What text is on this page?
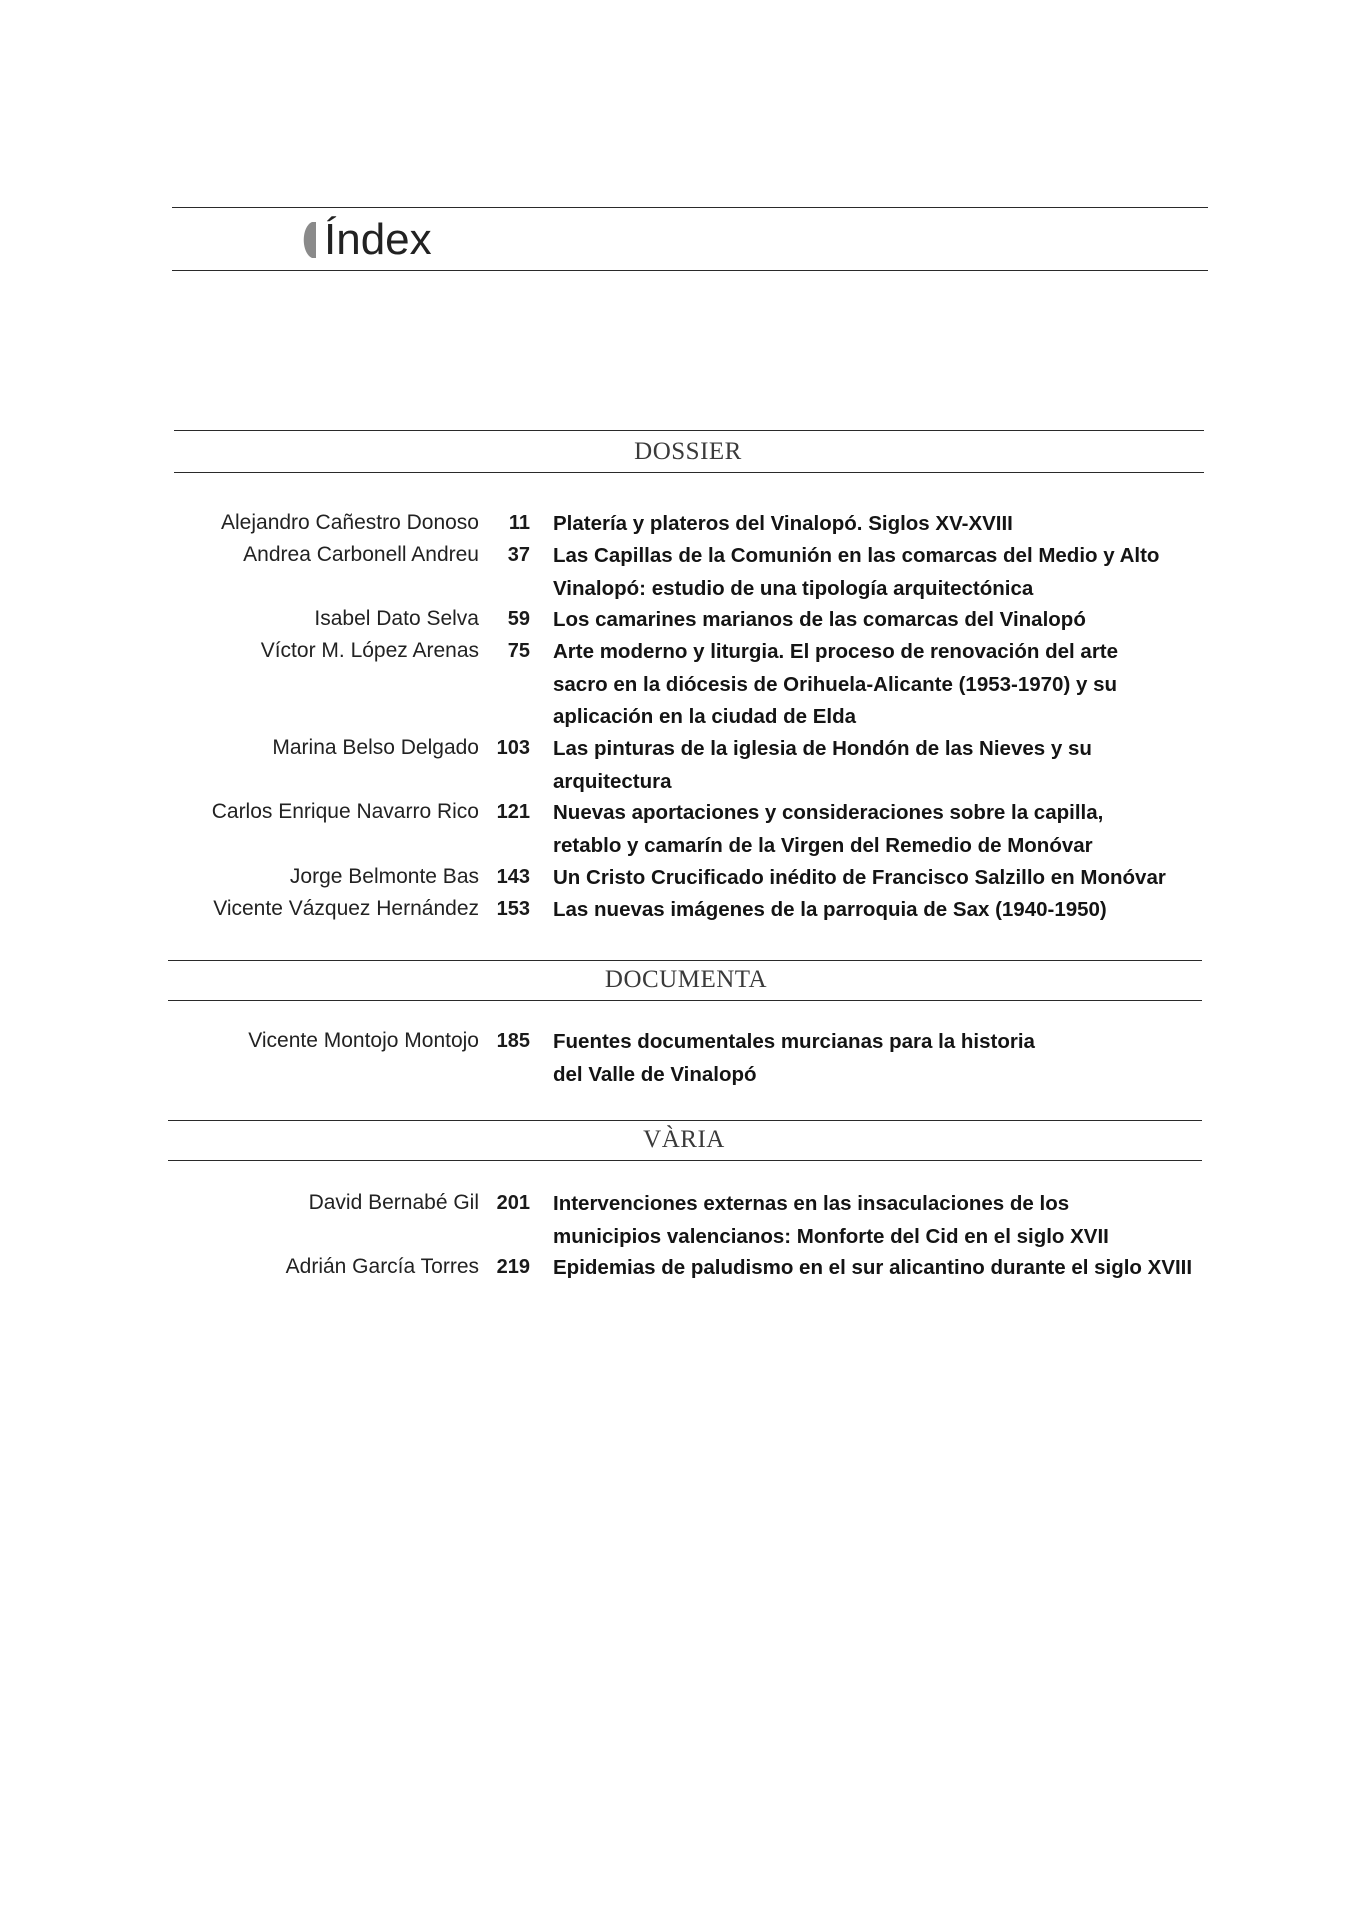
Índex
DOSSIER
Alejandro Cañestro Donoso 11 Platería y plateros del Vinalopó. Siglos XV-XVIII
Andrea Carbonell Andreu 37 Las Capillas de la Comunión en las comarcas del Medio y Alto
Vinalopó: estudio de una tipología arquitectónica
Isabel Dato Selva 59 Los camarines marianos de las comarcas del Vinalopó
Víctor M. López Arenas 75 Arte moderno y liturgia. El proceso de renovación del arte
sacro en la diócesis de Orihuela-Alicante (1953-1970) y su
aplicación en la ciudad de Elda
Marina Belso Delgado 103 Las pinturas de la iglesia de Hondón de las Nieves y su
arquitectura
Carlos Enrique Navarro Rico 121 Nuevas aportaciones y consideraciones sobre la capilla,
retablo y camarín de la Virgen del Remedio de Monóvar
Jorge Belmonte Bas 143 Un Cristo Crucificado inédito de Francisco Salzillo en Monóvar
Vicente Vázquez Hernández 153 Las nuevas imágenes de la parroquia de Sax (1940-1950)
DOCUMENTA
Vicente Montojo Montojo 185 Fuentes documentales murcianas para la historia
del Valle de Vinalopó
VÀRIA
David Bernabé Gil 201 Intervenciones externas en las insaculaciones de los
municipios valencianos: Monforte del Cid en el siglo XVII
Adrián García Torres 219 Epidemias de paludismo en el sur alicantino durante el siglo XVIII
